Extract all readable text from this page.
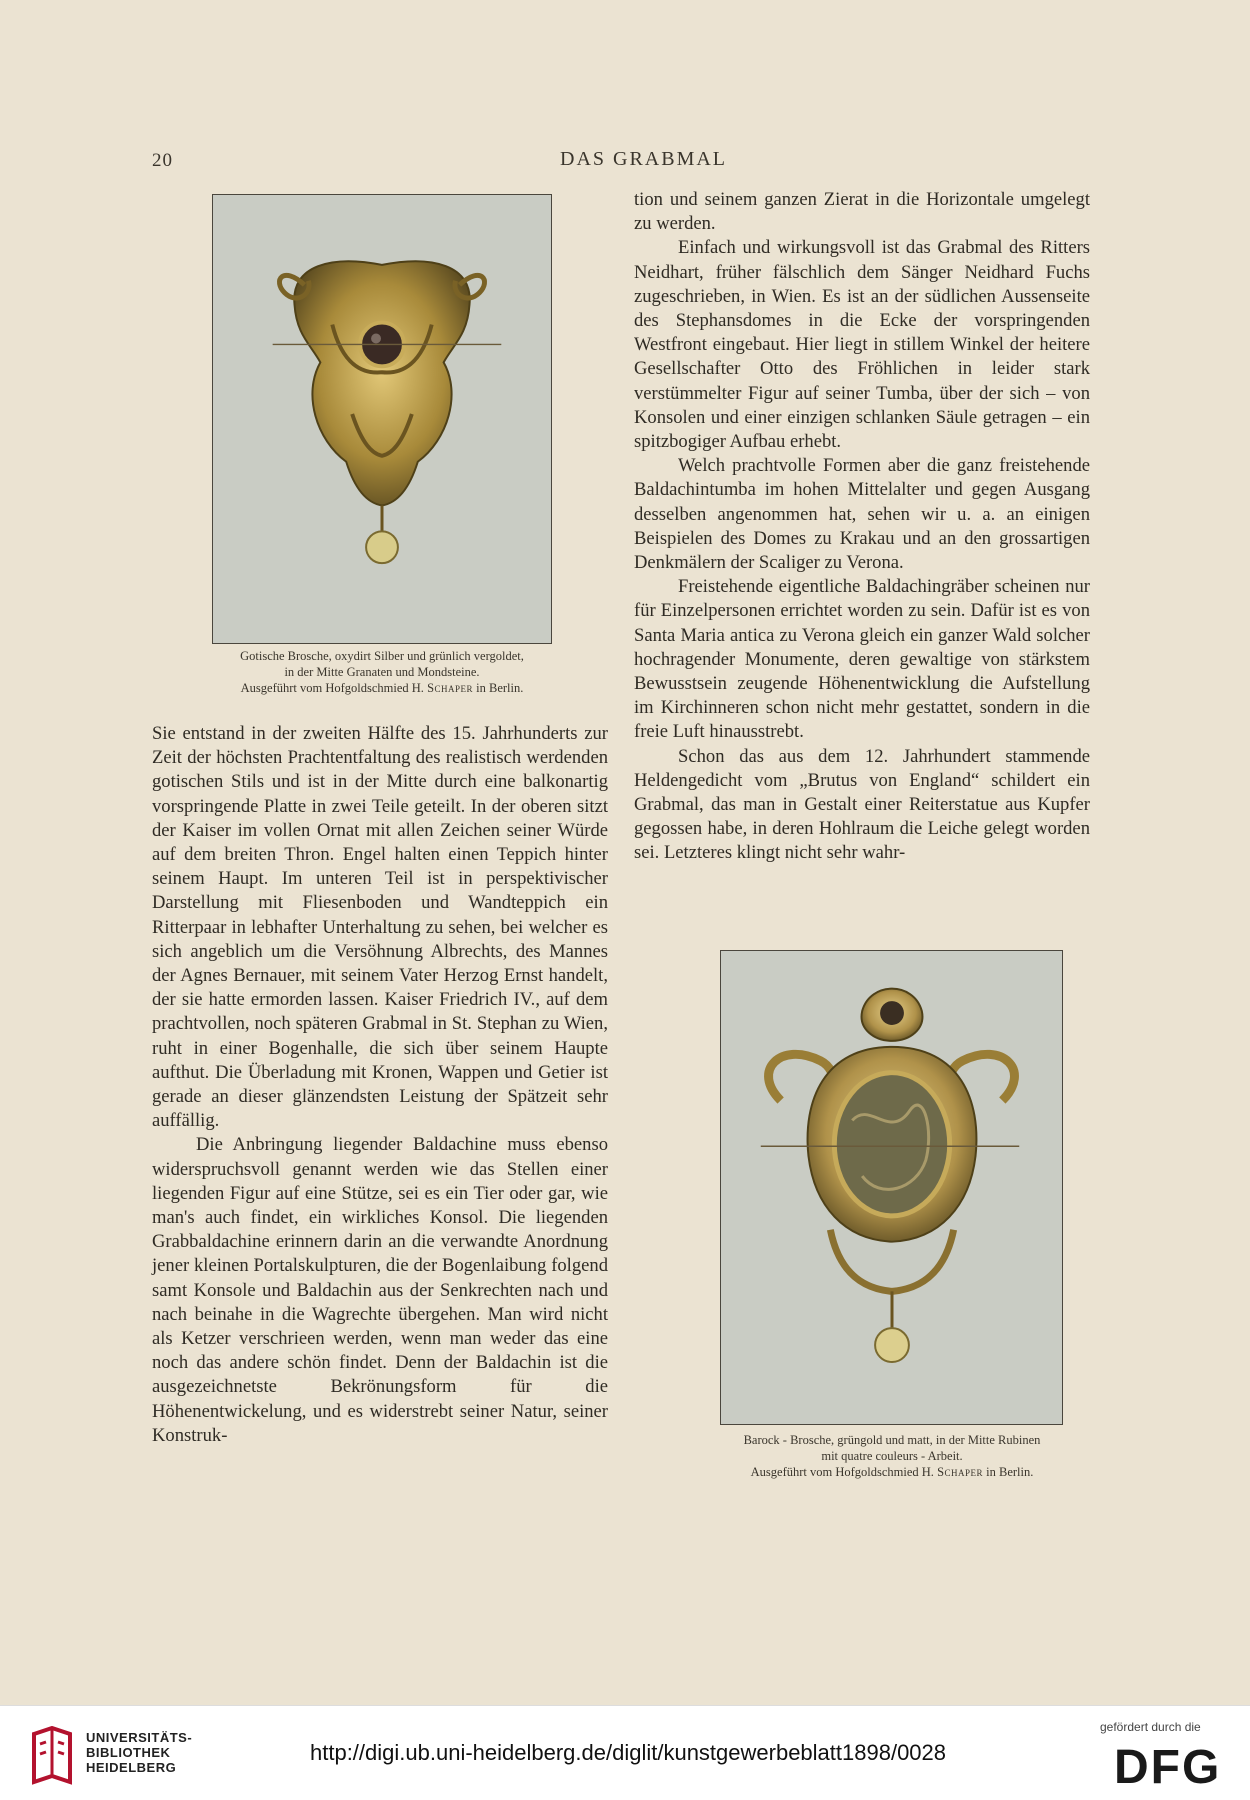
20	DAS GRABMAL
Gotische Brosche, oxydirt Silber und grünlich vergoldet,
in der Mitte Granaten und Mondsteine.
Ausgeführt vom Hofgoldschmied H. Schaper in Berlin.

tion und seinem ganzen Zierat in die Horizontale umgelegt zu werden.

Einfach und wirkungsvoll ist das Grabmal des Ritters Neidhart, früher fälschlich dem Sänger Neidhard Fuchs zugeschrieben, in Wien. Es ist an der südlichen Aussenseite des Stephansdomes in die Ecke der vorspringenden Westfront eingebaut. Hier liegt in stillem Winkel der heitere Gesellschafter Otto des Fröhlichen in leider stark verstümmelter Figur auf seiner Tumba, über der sich – von Konsolen und einer einzigen schlanken Säule getragen – ein spitzbogiger Aufbau erhebt.

Welch prachtvolle Formen aber die ganz freistehende Baldachintumba im hohen Mittelalter und gegen Ausgang desselben angenommen hat, sehen wir u. a. an einigen Beispielen des Domes zu Krakau und an den grossartigen Denkmälern der Scaliger zu Verona.

Freistehende eigentliche Baldachingräber scheinen nur für Einzelpersonen errichtet worden zu sein. Dafür ist es von Santa Maria antica zu Verona gleich ein ganzer Wald solcher hochragender Monumente, deren gewaltige von stärkstem Bewusstsein zeugende Höhenentwicklung die Aufstellung im Kirchinneren schon nicht mehr gestattet, sondern in die freie Luft hinausstrebt.

Schon das aus dem 12. Jahrhundert stammende Heldengedicht vom „Brutus von England“ schildert ein Grabmal, das man in Gestalt einer Reiterstatue aus Kupfer gegossen habe, in deren Hohlraum die Leiche gelegt worden sei. Letzteres klingt nicht sehr wahr-

Sie entstand in der zweiten Hälfte des 15. Jahrhunderts zur Zeit der höchsten Prachtentfaltung des realistisch werdenden gotischen Stils und ist in der Mitte durch eine balkonartig vorspringende Platte in zwei Teile geteilt. In der oberen sitzt der Kaiser im vollen Ornat mit allen Zeichen seiner Würde auf dem breiten Thron. Engel halten einen Teppich hinter seinem Haupt. Im unteren Teil ist in perspektivischer Darstellung mit Fliesenboden und Wandteppich ein Ritterpaar in lebhafter Unterhaltung zu sehen, bei welcher es sich angeblich um die Versöhnung Albrechts, des Mannes der Agnes Bernauer, mit seinem Vater Herzog Ernst handelt, der sie hatte ermorden lassen. Kaiser Friedrich IV., auf dem prachtvollen, noch späteren Grabmal in St. Stephan zu Wien, ruht in einer Bogenhalle, die sich über seinem Haupte aufthut. Die Überladung mit Kronen, Wappen und Getier ist gerade an dieser glänzendsten Leistung der Spätzeit sehr auffällig.

Die Anbringung liegender Baldachine muss ebenso widerspruchsvoll genannt werden wie das Stellen einer liegenden Figur auf eine Stütze, sei es ein Tier oder gar, wie man's auch findet, ein wirkliches Konsol. Die liegenden Grabbaldachine erinnern darin an die verwandte Anordnung jener kleinen Portalskulpturen, die der Bogenlaibung folgend samt Konsole und Baldachin aus der Senkrechten nach und nach beinahe in die Wagrechte übergehen. Man wird nicht als Ketzer verschrieen werden, wenn man weder das eine noch das andere schön findet. Denn der Baldachin ist die ausgezeichnetste Bekrönungsform für die Höhenentwickelung, und es widerstrebt seiner Natur, seiner Konstruk-	Barock - Brosche, grüngold und matt, in der Mitte Rubinen
mit quatre couleurs - Arbeit.
Ausgeführt vom Hofgoldschmied H. Schaper in Berlin.
UNIVERSITÄTS-
BIBLIOTHEK
HEIDELBERG
http://digi.ub.uni-heidelberg.de/diglit/kunstgewerbeblatt1898/0028
gefördert durch die
DFG
